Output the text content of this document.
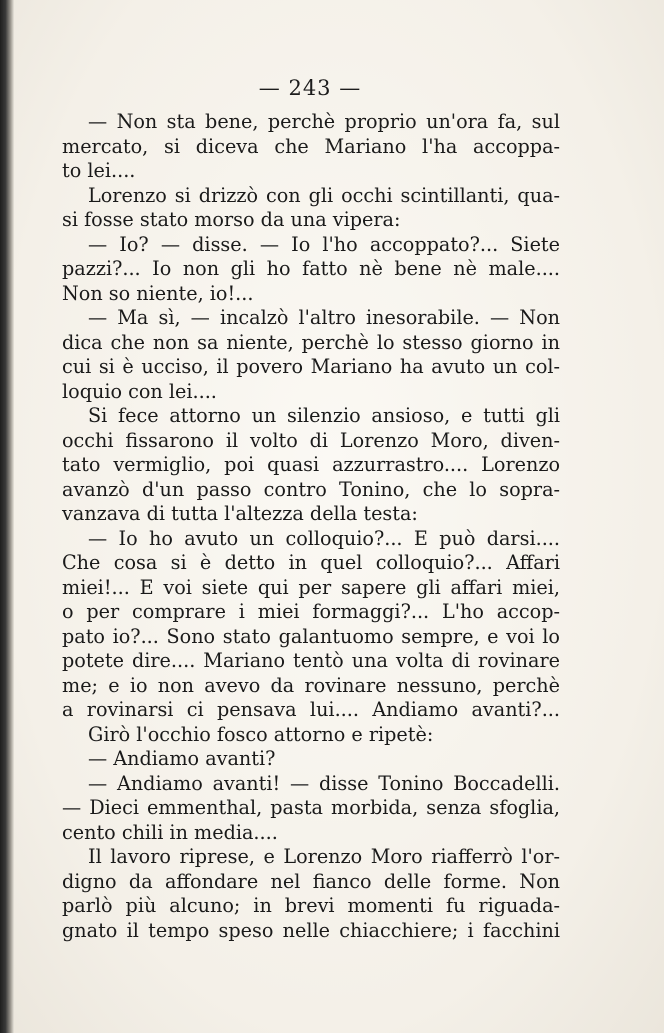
— 243 —
— Non sta bene, perchè proprio un'ora fa, sul
mercato, si diceva che Mariano l'ha accoppa-
to lei....
Lorenzo si drizzò con gli occhi scintillanti, qua-
si fosse stato morso da una vipera:
— Io? — disse. — Io l'ho accoppato?... Siete
pazzi?... Io non gli ho fatto nè bene nè male....
Non so niente, io!...
— Ma sì, — incalzò l'altro inesorabile. — Non
dica che non sa niente, perchè lo stesso giorno in
cui si è ucciso, il povero Mariano ha avuto un col-
loquio con lei....
Si fece attorno un silenzio ansioso, e tutti gli
occhi fissarono il volto di Lorenzo Moro, diven-
tato vermiglio, poi quasi azzurrastro.... Lorenzo
avanzò d'un passo contro Tonino, che lo sopra-
vanzava di tutta l'altezza della testa:
— Io ho avuto un colloquio?... E può darsi....
Che cosa si è detto in quel colloquio?... Affari
miei!... E voi siete qui per sapere gli affari miei,
o per comprare i miei formaggi?... L'ho accop-
pato io?... Sono stato galantuomo sempre, e voi lo
potete dire.... Mariano tentò una volta di rovinare
me; e io non avevo da rovinare nessuno, perchè
a rovinarsi ci pensava lui.... Andiamo avanti?...
Girò l'occhio fosco attorno e ripetè:
— Andiamo avanti?
— Andiamo avanti! — disse Tonino Boccadelli.
— Dieci emmenthal, pasta morbida, senza sfoglia,
cento chili in media....
Il lavoro riprese, e Lorenzo Moro riafferrò l'or-
digno da affondare nel fianco delle forme. Non
parlò più alcuno; in brevi momenti fu riguada-
gnato il tempo speso nelle chiacchiere; i facchini
